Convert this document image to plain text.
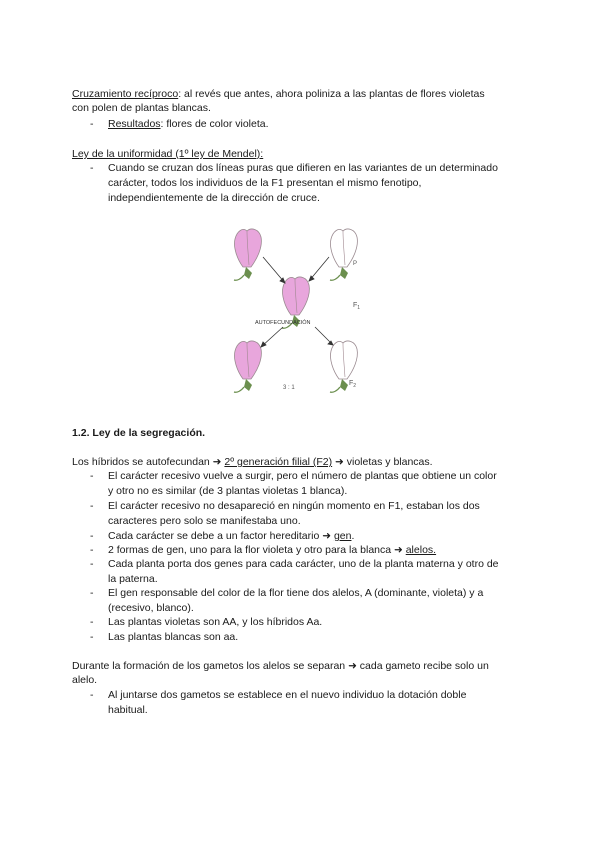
Cruzamiento recíproco: al revés que antes, ahora poliniza a las plantas de flores violetas
con polen de plantas blancas.
- Resultados: flores de color violeta.
Ley de la uniformidad (1º ley de Mendel):
- Cuando se cruzan dos líneas puras que difieren en las variantes de un determinado
carácter, todos los individuos de la F1 presentan el mismo fenotipo,
independientemente de la dirección de cruce.
P
$F_1$
AUTOFECUNDACIÓN
3 : 1
$F_2$
1.2. Ley de la segregación.
Los híbridos se autofecundan ➜ 2º generación filial (F2) ➜ violetas y blancas.
- El carácter recesivo vuelve a surgir, pero el número de plantas que obtiene un color
y otro no es similar (de 3 plantas violetas 1 blanca).
- El carácter recesivo no desapareció en ningún momento en F1, estaban los dos
caracteres pero solo se manifestaba uno.
- Cada carácter se debe a un factor hereditario ➜ gen.
- 2 formas de gen, uno para la flor violeta y otro para la blanca ➜ alelos.
- Cada planta porta dos genes para cada carácter, uno de la planta materna y otro de
la paterna.
- El gen responsable del color de la flor tiene dos alelos, A (dominante, violeta) y a
(recesivo, blanco).
- Las plantas violetas son AA, y los híbridos Aa.
- Las plantas blancas son aa.
Durante la formación de los gametos los alelos se separan ➜ cada gameto recibe solo un
alelo.
- Al juntarse dos gametos se establece en el nuevo individuo la dotación doble
habitual.
